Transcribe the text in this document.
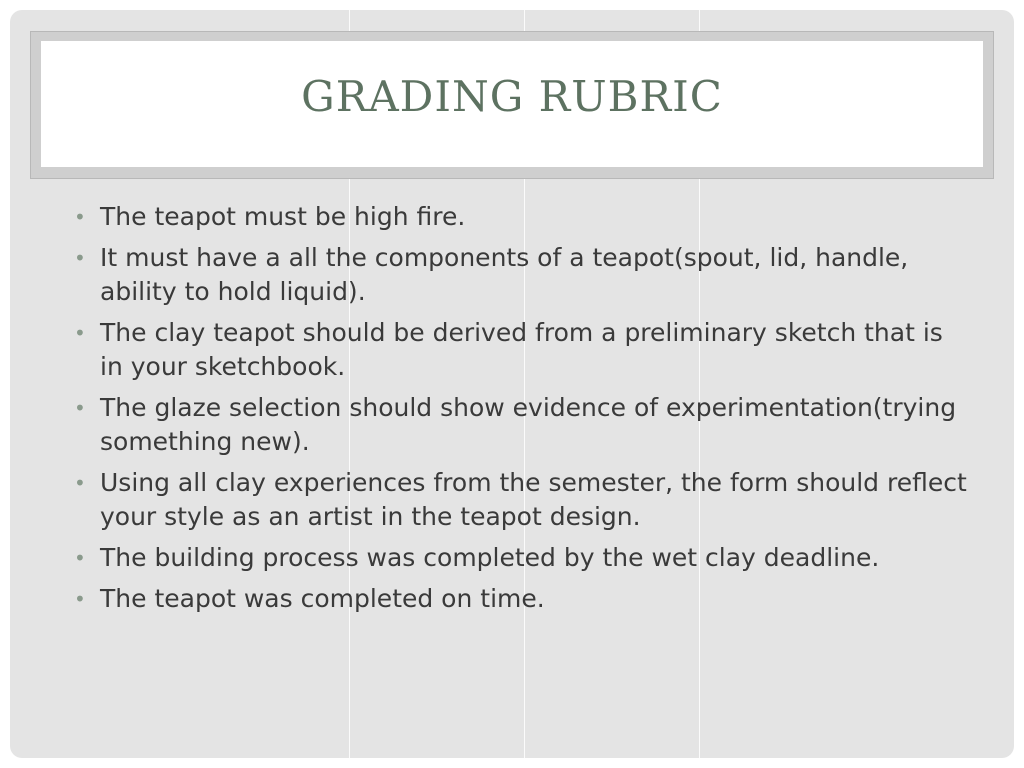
GRADING RUBRIC
• The teapot must be high fire.
• It must have a all the components of a teapot(spout, lid, handle, ability to hold liquid).
• The clay teapot should be derived from a preliminary sketch that is in your sketchbook.
• The glaze selection should show evidence of experimentation(trying something new).
• Using all clay experiences from the semester, the form should reflect your style as an artist in the teapot design.
• The building process was completed by the wet clay deadline.
• The teapot was completed on time.
